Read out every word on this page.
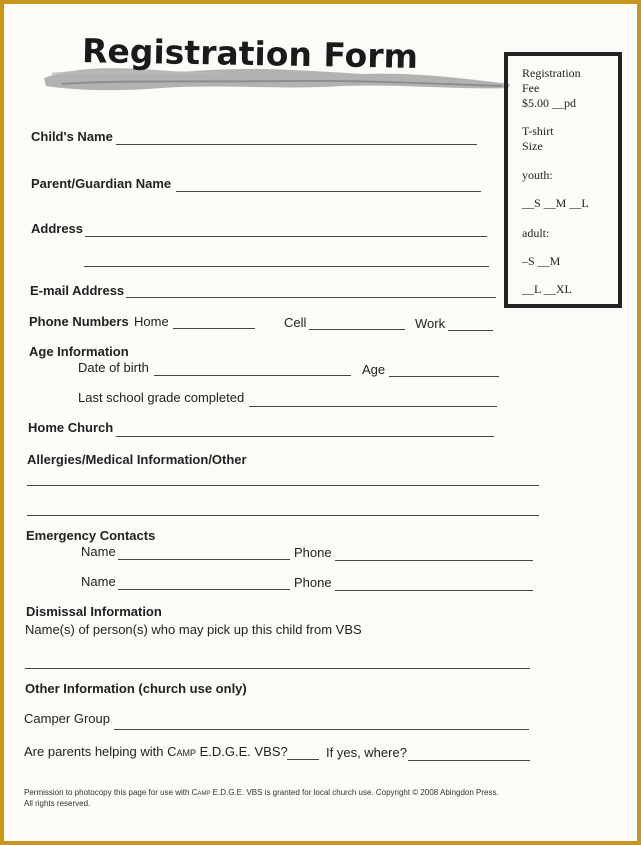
Registration Form
Child's Name
Parent/Guardian Name
Address
E-mail Address
Phone Numbers Home	Cell	Work
Age Information
Date of birth	Age
Last school grade completed
Home Church
Allergies/Medical Information/Other
Emergency Contacts
Name	Phone
Name	Phone
Dismissal Information
Name(s) of person(s) who may pick up this child from VBS
Other Information (church use only)
Camper Group
Are parents helping with Camp E.D.G.E. VBS?	If yes, where?
Registration
Fee
$5.00 __pd
T-shirt
Size
youth:
__S __M __L
adult:
–S __M
__L __XL
Permission to photocopy this page for use with Camp E.D.G.E. VBS is granted for local church use. Copyright © 2008 Abingdon Press.
All rights reserved.
